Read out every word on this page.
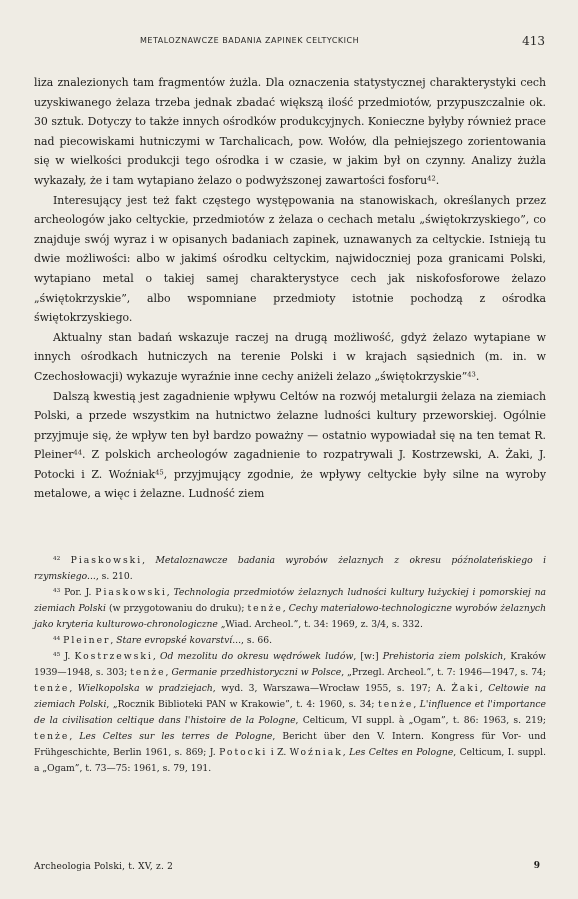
METALOZNAWCZE BADANIA ZAPINEK CELTYCKICH	413

liza znalezionych tam fragmentów żużla. Dla oznaczenia statystycznej charakterystyki cech uzyskiwanego żelaza trzeba jednak zbadać większą ilość przedmiotów, przypuszczalnie ok. 30 sztuk. Dotyczy to także innych ośrodków produkcyjnych. Konieczne byłyby również prace nad piecowiskami hutniczymi w Tarchalicach, pow. Wołów, dla pełniejszego zorientowania się w wielkości produkcji tego ośrodka i w czasie, w jakim był on czynny. Analizy żużla wykazały, że i tam wytapiano żelazo o podwyższonej zawartości fosforu$^{42}$.

Interesujący jest też fakt częstego występowania na stanowiskach, określanych przez archeologów jako celtyckie, przedmiotów z żelaza o cechach metalu „świętokrzyskiego”, co znajduje swój wyraz i w opisanych badaniach zapinek, uznawanych za celtyckie. Istnieją tu dwie możliwości: albo w jakimś ośrodku celtyckim, najwidoczniej poza granicami Polski, wytapiano metal o takiej samej charakterystyce cech jak niskofosforowe żelazo „świętokrzyskie”, albo wspomniane przedmioty istotnie pochodzą z ośrodka świętokrzyskiego.

Aktualny stan badań wskazuje raczej na drugą możliwość, gdyż żelazo wytapiane w innych ośrodkach hutniczych na terenie Polski i w krajach sąsiednich (m. in. w Czechosłowacji) wykazuje wyraźnie inne cechy aniżeli żelazo „świętokrzyskie”$^{43}$.

Dalszą kwestią jest zagadnienie wpływu Celtów na rozwój metalurgii żelaza na ziemiach Polski, a przede wszystkim na hutnictwo żelazne ludności kultury przeworskiej. Ogólnie przyjmuje się, że wpływ ten był bardzo poważny — ostatnio wypowiadał się na ten temat R. Pleiner$^{44}$. Z polskich archeologów zagadnienie to rozpatrywali J. Kostrzewski, A. Żaki, J. Potocki i Z. Woźniak$^{45}$, przyjmujący zgodnie, że wpływy celtyckie były silne na wyroby metalowe, a więc i żelazne. Ludność ziem

$^{42}$ Piaskowski, Metaloznawcze badania wyrobów żelaznych z okresu późnolateńskiego i rzymskiego..., s. 210.

$^{43}$ Por. J. Piaskowski, Technologia przedmiotów żelaznych ludności kultury łużyckiej i pomorskiej na ziemiach Polski (w przygotowaniu do druku); tenże, Cechy materiałowo-technologiczne wyrobów żelaznych jako kryteria kulturowo-chronologiczne „Wiad. Archeol.”, t. 34: 1969, z. 3/4, s. 332.

$^{44}$ Pleiner, Stare evropské kovarství..., s. 66.

$^{45}$ J. Kostrzewski, Od mezolitu do okresu wędrówek ludów, [w:] Prehistoria ziem polskich, Kraków 1939—1948, s. 303; tenże, Germanie przedhistoryczni w Polsce, „Przegl. Archeol.”, t. 7: 1946—1947, s. 74; tenże, Wielkopolska w pradziejach, wyd. 3, Warszawa—Wrocław 1955, s. 197; A. Żaki, Celtowie na ziemiach Polski, „Rocznik Biblioteki PAN w Krakowie”, t. 4: 1960, s. 34; tenże, L'influence et l'importance de la civilisation celtique dans l'histoire de la Pologne, Celticum, VI suppl. à „Ogam”, t. 86: 1963, s. 219; tenże, Les Celtes sur les terres de Pologne, Bericht über den V. Intern. Kongress für Vor- und Frühgeschichte, Berlin 1961, s. 869; J. Potocki i Z. Woźniak, Les Celtes en Pologne, Celticum, I. suppl. a „Ogam”, t. 73—75: 1961, s. 79, 191.

Archeologia Polski, t. XV, z. 2	9
